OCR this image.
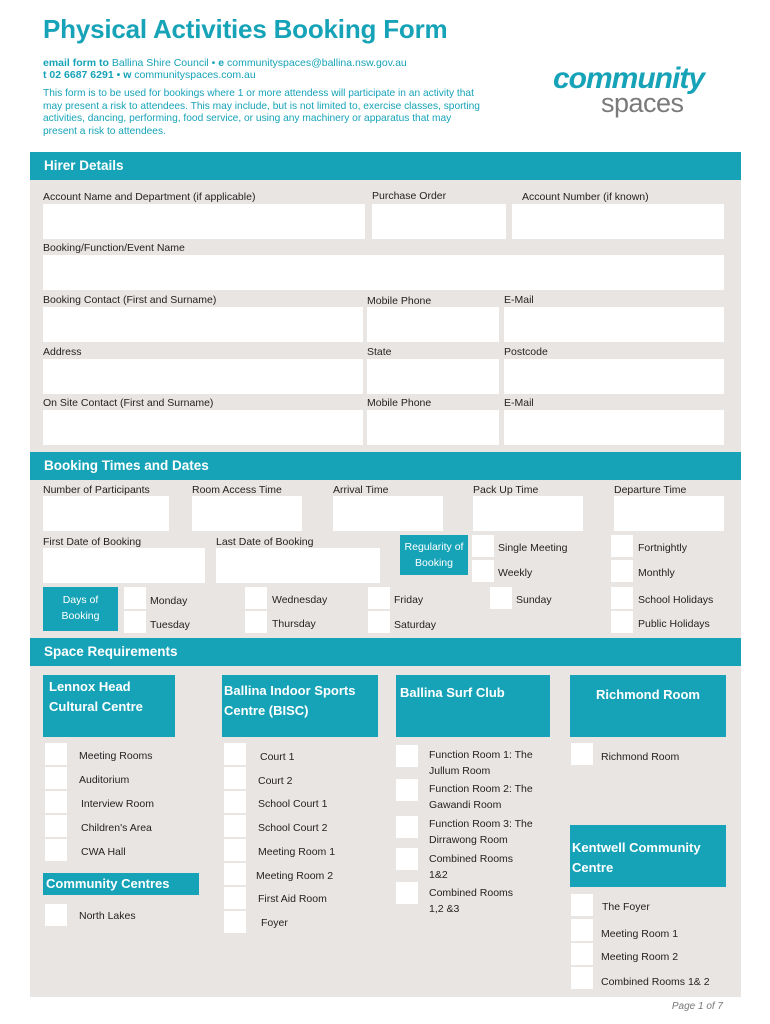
Physical Activities Booking Form
email form to Ballina Shire Council • e communityspaces@ballina.nsw.gov.au
t 02 6687 6291 • w communityspaces.com.au
This form is to be used for bookings where 1 or more attendess will participate in an activity that may present a risk to attendees. This may include, but is not limited to, exercise classes, sporting activities, dancing, performing, food service, or using any machinery or apparatus that may present a risk to attendees.
community
spaces
Hirer Details
Account Name and Department (if applicable)	Purchase Order	Account Number (if known)
Booking/Function/Event Name
Booking Contact (First and Surname)	Mobile Phone	E-Mail
Address	State	Postcode
On Site Contact (First and Surname)	Mobile Phone	E-Mail
Booking Times and Dates
Number of Participants	Room Access Time	Arrival Time	Pack Up Time	Departure Time
First Date of Booking	Last Date of Booking	Regularity of Booking
Single Meeting
Weekly
Fortnightly
Monthly
Days of Booking
Monday
Tuesday
Wednesday
Thursday
Friday
Saturday
Sunday	School Holidays
Public Holidays
Space Requirements
Lennox Head Cultural Centre
Meeting Rooms
Auditorium
Interview Room
Children's Area
CWA Hall
Community Centres
North Lakes
Ballina Indoor Sports Centre (BISC)
Court 1
Court 2
School Court 1
School Court 2
Meeting Room 1
Meeting Room 2
First Aid Room
Foyer
Ballina Surf Club
Function Room 1: The Jullum Room
Function Room 2: The Gawandi Room
Function Room 3: The Dirrawong Room
Combined Rooms 1&2
Combined Rooms 1,2 &3
Richmond Room
Richmond Room
Kentwell Community Centre
The Foyer
Meeting Room 1
Meeting Room 2
Combined Rooms 1& 2
Page 1 of 7
